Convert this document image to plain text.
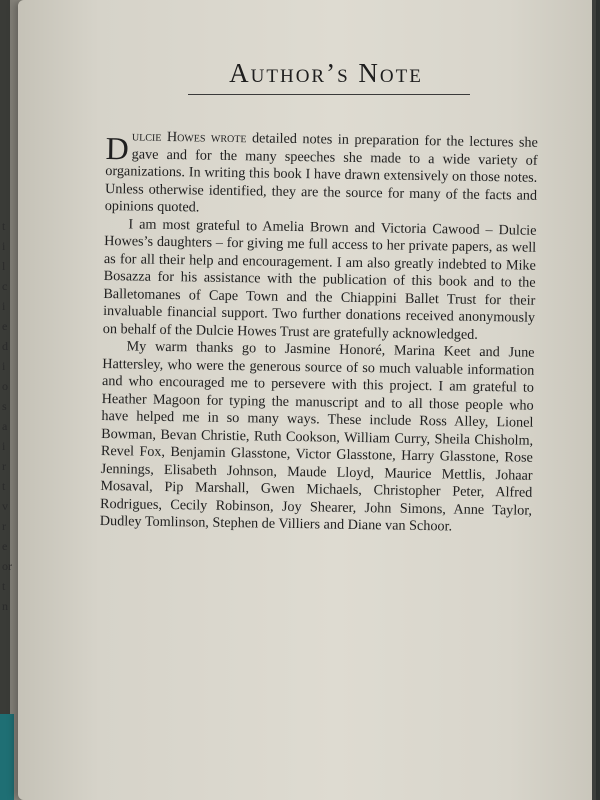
t
i
l
c
i
e
d
i
o
s
a
i
r
t
v
r
e
or
t
n
Author’s Note

Dulcie Howes wrote detailed notes in preparation for the lectures she gave and for the many speeches she made to a wide variety of organizations. In writing this book I have drawn extensively on those notes. Unless otherwise identified, they are the source for many of the facts and opinions quoted.

I am most grateful to Amelia Brown and Victoria Cawood – Dulcie Howes’s daughters – for giving me full access to her private papers, as well as for all their help and encouragement. I am also greatly indebted to Mike Bosazza for his assistance with the publication of this book and to the Balletomanes of Cape Town and the Chiappini Ballet Trust for their invaluable financial support. Two further donations received anonymously on behalf of the Dulcie Howes Trust are gratefully acknowledged.

My warm thanks go to Jasmine Honoré, Marina Keet and June Hattersley, who were the generous source of so much valuable information and who encouraged me to persevere with this project. I am grateful to Heather Magoon for typing the manuscript and to all those people who have helped me in so many ways. These include Ross Alley, Lionel Bowman, Bevan Christie, Ruth Cookson, William Curry, Sheila Chisholm, Revel Fox, Benjamin Glasstone, Victor Glasstone, Harry Glasstone, Rose Jennings, Elisabeth Johnson, Maude Lloyd, Maurice Mettlis, Johaar Mosaval, Pip Marshall, Gwen Michaels, Christopher Peter, Alfred Rodrigues, Cecily Robinson, Joy Shearer, John Simons, Anne Taylor, Dudley Tomlinson, Stephen de Villiers and Diane van Schoor.
